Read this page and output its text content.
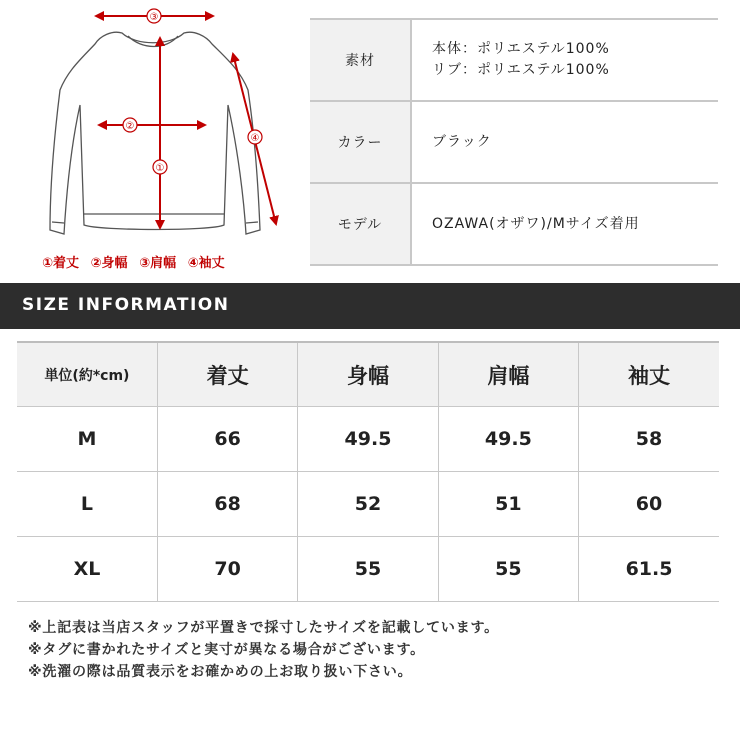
③
①
②
④
①着丈 ②身幅 ③肩幅 ④袖丈
素材	本体：ポリエステル100%
リブ：ポリエステル100%

カラー	ブラック

モデル	OZAWA(オザワ)/Mサイズ着用
SIZE INFORMATION
単位(約*cm)	着丈	身幅	肩幅	袖丈
M	66	49.5	49.5	58
L	68	52	51	60
XL	70	55	55	61.5
※上記表は当店スタッフが平置きで採寸したサイズを記載しています。
※タグに書かれたサイズと実寸が異なる場合がございます。
※洗濯の際は品質表示をお確かめの上お取り扱い下さい。
